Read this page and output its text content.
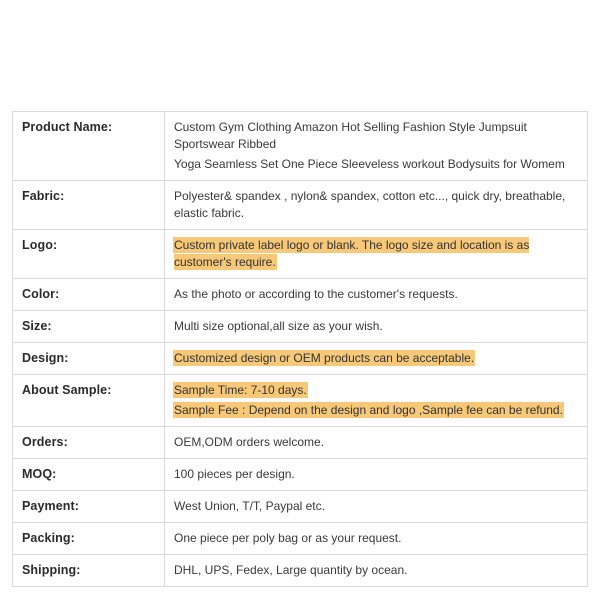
Product Name:	Custom Gym Clothing Amazon Hot Selling Fashion Style Jumpsuit Sportswear Ribbed
Yoga Seamless Set One Piece Sleeveless workout Bodysuits for Womem

Fabric:	Polyester& spandex , nylon& spandex, cotton etc..., quick dry, breathable, elastic fabric.

Logo:	Custom private label logo or blank. The logo size and location is as customer's require.

Color:	As the photo or according to the customer's requests.

Size:	Multi size optional,all size as your wish.

Design:	Customized design or OEM products can be acceptable.

About Sample:	Sample Time: 7-10 days.
Sample Fee : Depend on the design and logo ,Sample fee can be refund.

Orders:	OEM,ODM orders welcome.

MOQ:	100 pieces per design.

Payment:	West Union, T/T, Paypal etc.

Packing:	One piece per poly bag or as your request.

Shipping:	DHL, UPS, Fedex, Large quantity by ocean.
